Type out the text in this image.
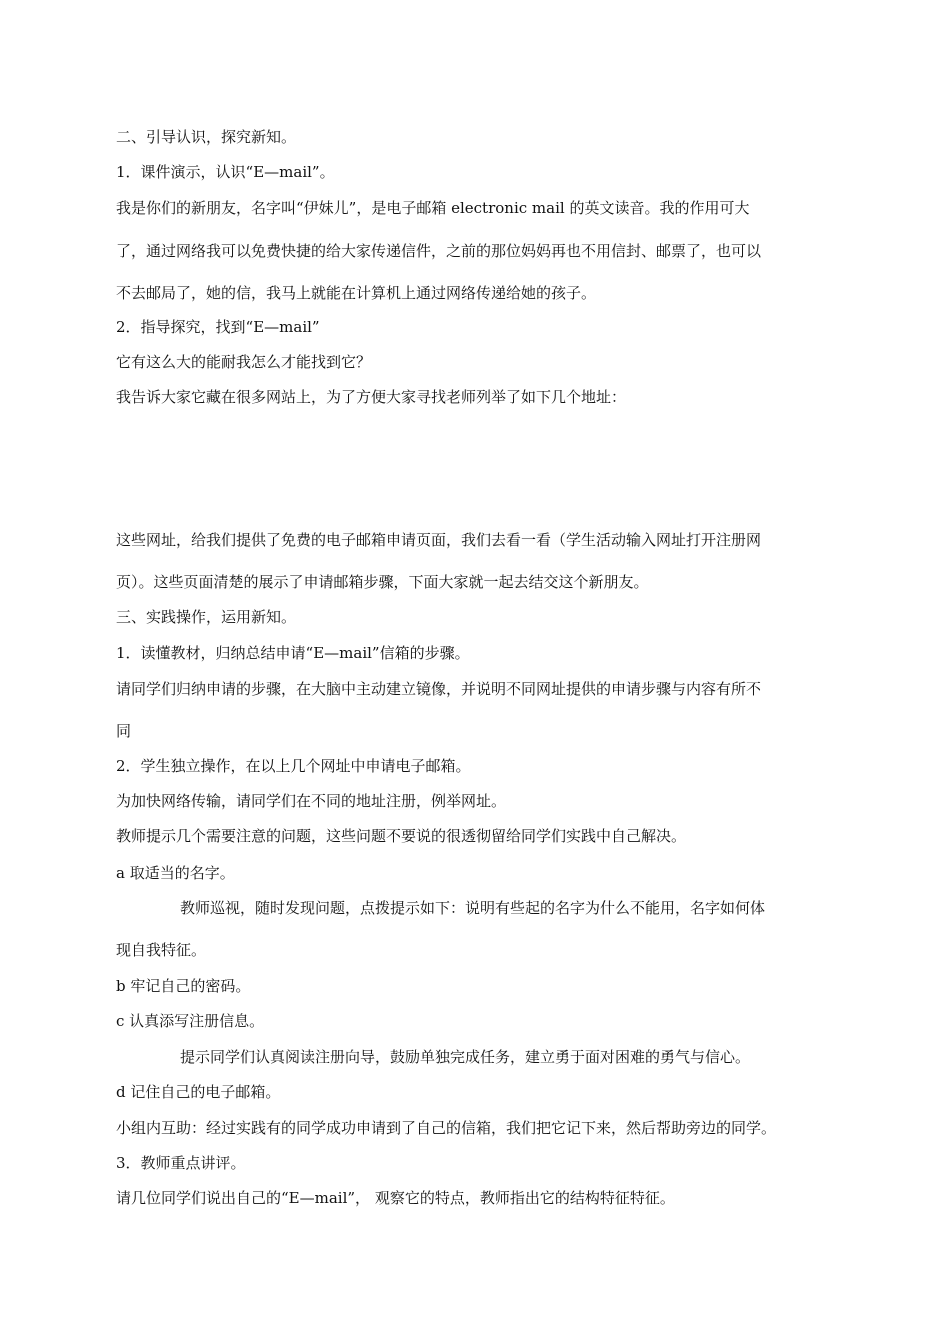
二、引导认识，探究新知。
1．课件演示，认识“E—mail”。
我是你们的新朋友，名字叫“伊妹儿”，是电子邮箱 electronic mail 的英文读音。我的作用可大
了，通过网络我可以免费快捷的给大家传递信件，之前的那位妈妈再也不用信封、邮票了，也可以
不去邮局了，她的信，我马上就能在计算机上通过网络传递给她的孩子。
2．指导探究，找到“E—mail”
它有这么大的能耐我怎么才能找到它？
我告诉大家它藏在很多网站上，为了方便大家寻找老师列举了如下几个地址：
这些网址，给我们提供了免费的电子邮箱申请页面，我们去看一看（学生活动输入网址打开注册网
页）。这些页面清楚的展示了申请邮箱步骤，下面大家就一起去结交这个新朋友。
三、实践操作，运用新知。
1．读懂教材，归纳总结申请“E—mail”信箱的步骤。
请同学们归纳申请的步骤，在大脑中主动建立镜像，并说明不同网址提供的申请步骤与内容有所不
同
2．学生独立操作，在以上几个网址中申请电子邮箱。
为加快网络传输，请同学们在不同的地址注册，例举网址。
教师提示几个需要注意的问题，这些问题不要说的很透彻留给同学们实践中自己解决。
a 取适当的名字。
教师巡视，随时发现问题，点拨提示如下：说明有些起的名字为什么不能用，名字如何体
现自我特征。
b 牢记自己的密码。
c 认真添写注册信息。
提示同学们认真阅读注册向导，鼓励单独完成任务，建立勇于面对困难的勇气与信心。
d 记住自己的电子邮箱。
小组内互助：经过实践有的同学成功申请到了自己的信箱，我们把它记下来，然后帮助旁边的同学。
3．教师重点讲评。
请几位同学们说出自己的“E—mail”， 观察它的特点，教师指出它的结构特征特征。
